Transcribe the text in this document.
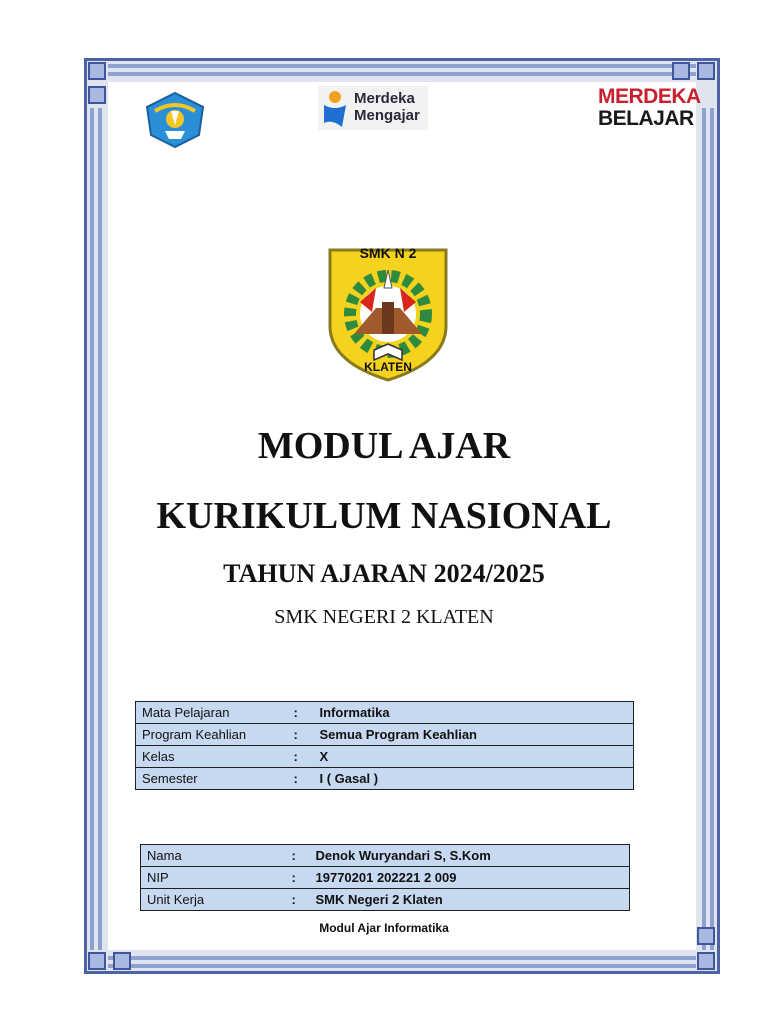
Merdeka
Mengajar
MERDEKA
BELAJAR
SMK N 2
KLATEN
MODUL AJAR
KURIKULUM NASIONAL
TAHUN AJARAN 2024/2025
SMK NEGERI 2 KLATEN
Mata Pelajaran	:	Informatika
Program Keahlian	:	Semua Program Keahlian
Kelas	:	X
Semester	:	I ( Gasal )
Nama	:	Denok Wuryandari S, S.Kom
NIP	:	19770201 202221 2 009
Unit Kerja	:	SMK Negeri 2 Klaten
Modul Ajar Informatika
